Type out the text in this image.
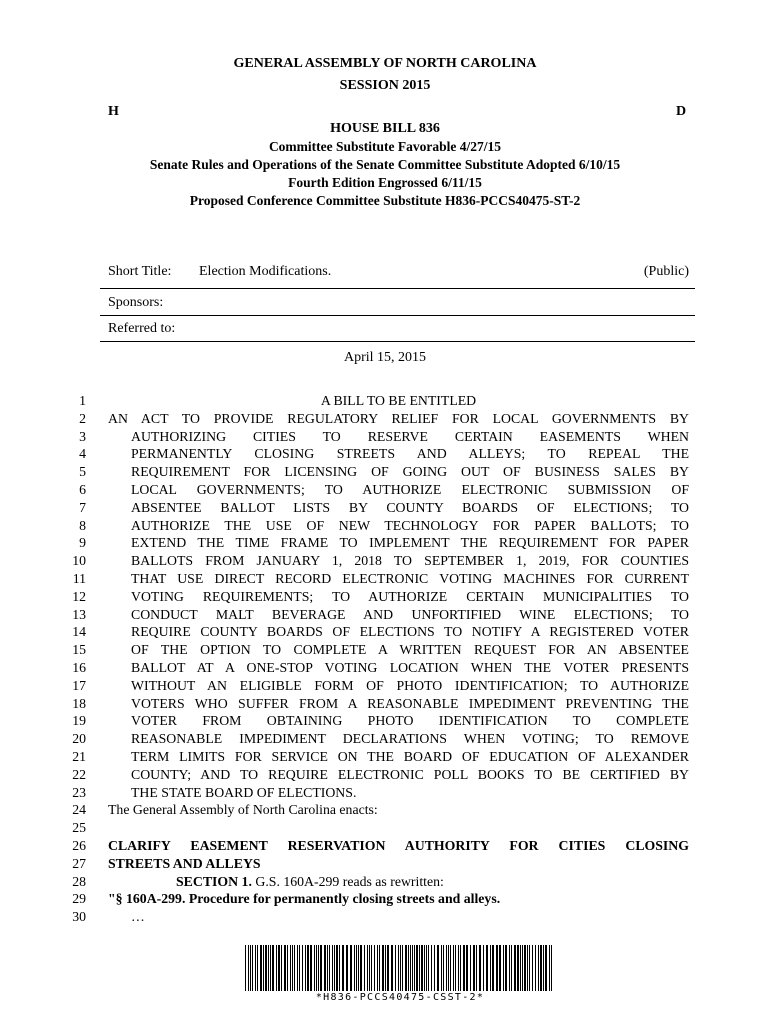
GENERAL ASSEMBLY OF NORTH CAROLINA
SESSION 2015
H	D
HOUSE BILL 836
Committee Substitute Favorable 4/27/15
Senate Rules and Operations of the Senate Committee Substitute Adopted 6/10/15
Fourth Edition Engrossed 6/11/15
Proposed Conference Committee Substitute H836-PCCS40475-ST-2
Short Title: Election Modifications.	(Public)
Sponsors:
Referred to:
April 15, 2015
1	A BILL TO BE ENTITLED
2 AN ACT TO PROVIDE REGULATORY RELIEF FOR LOCAL GOVERNMENTS BY
3	AUTHORIZING CITIES TO RESERVE CERTAIN EASEMENTS WHEN
4	PERMANENTLY CLOSING STREETS AND ALLEYS; TO REPEAL THE
5	REQUIREMENT FOR LICENSING OF GOING OUT OF BUSINESS SALES BY
6	LOCAL GOVERNMENTS; TO AUTHORIZE ELECTRONIC SUBMISSION OF
7	ABSENTEE BALLOT LISTS BY COUNTY BOARDS OF ELECTIONS; TO
8	AUTHORIZE THE USE OF NEW TECHNOLOGY FOR PAPER BALLOTS; TO
9	EXTEND THE TIME FRAME TO IMPLEMENT THE REQUIREMENT FOR PAPER
10	BALLOTS FROM JANUARY 1, 2018 TO SEPTEMBER 1, 2019, FOR COUNTIES
11	THAT USE DIRECT RECORD ELECTRONIC VOTING MACHINES FOR CURRENT
12	VOTING REQUIREMENTS; TO AUTHORIZE CERTAIN MUNICIPALITIES TO
13	CONDUCT MALT BEVERAGE AND UNFORTIFIED WINE ELECTIONS; TO
14	REQUIRE COUNTY BOARDS OF ELECTIONS TO NOTIFY A REGISTERED VOTER
15	OF THE OPTION TO COMPLETE A WRITTEN REQUEST FOR AN ABSENTEE
16	BALLOT AT A ONE-STOP VOTING LOCATION WHEN THE VOTER PRESENTS
17	WITHOUT AN ELIGIBLE FORM OF PHOTO IDENTIFICATION; TO AUTHORIZE
18	VOTERS WHO SUFFER FROM A REASONABLE IMPEDIMENT PREVENTING THE
19	VOTER FROM OBTAINING PHOTO IDENTIFICATION TO COMPLETE
20	REASONABLE IMPEDIMENT DECLARATIONS WHEN VOTING; TO REMOVE
21	TERM LIMITS FOR SERVICE ON THE BOARD OF EDUCATION OF ALEXANDER
22	COUNTY; AND TO REQUIRE ELECTRONIC POLL BOOKS TO BE CERTIFIED BY
23	THE STATE BOARD OF ELECTIONS.
24 The General Assembly of North Carolina enacts:
25
26 CLARIFY EASEMENT RESERVATION AUTHORITY FOR CITIES CLOSING
27 STREETS AND ALLEYS
28	SECTION 1. G.S. 160A-299 reads as rewritten:
29 "§ 160A-299. Procedure for permanently closing streets and alleys.
30	…
*H836-PCCS40475-CSST-2*
